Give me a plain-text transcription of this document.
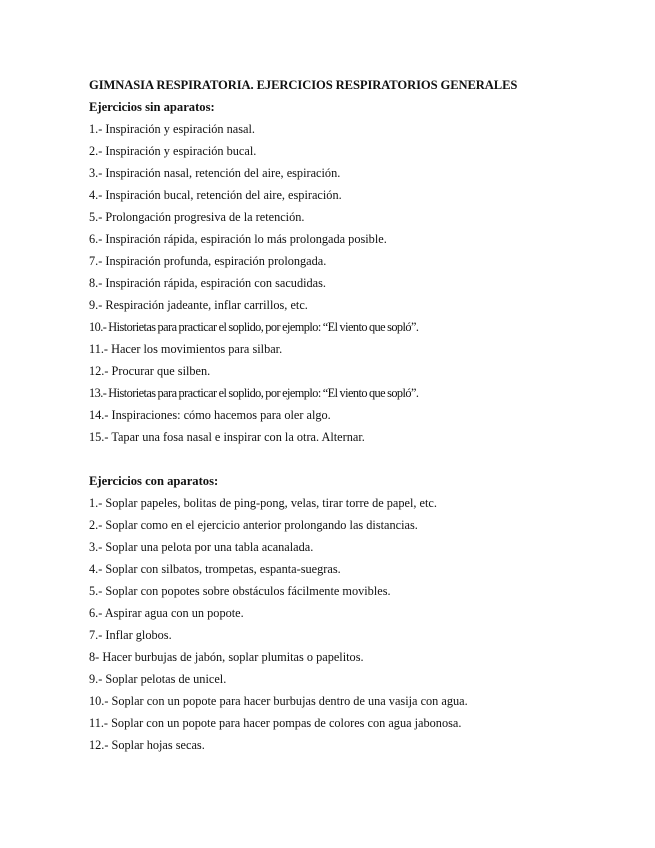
GIMNASIA RESPIRATORIA. EJERCICIOS RESPIRATORIOS GENERALES
Ejercicios sin aparatos:
1.- Inspiración y espiración nasal.
2.- Inspiración y espiración bucal.
3.- Inspiración nasal, retención del aire, espiración.
4.- Inspiración bucal, retención del aire, espiración.
5.- Prolongación progresiva de la retención.
6.- Inspiración rápida, espiración lo más prolongada posible.
7.- Inspiración profunda, espiración prolongada.
8.- Inspiración rápida, espiración con sacudidas.
9.- Respiración jadeante, inflar carrillos, etc.
10.- Historietas para practicar el soplido, por ejemplo: “El viento que sopló”.
11.- Hacer los movimientos para silbar.
12.- Procurar que silben.
13.- Historietas para practicar el soplido, por ejemplo: “El viento que sopló”.
14.- Inspiraciones: cómo hacemos para oler algo.
15.- Tapar una fosa nasal e inspirar con la otra. Alternar.
Ejercicios con aparatos:
1.- Soplar papeles, bolitas de ping-pong, velas, tirar torre de papel, etc.
2.- Soplar como en el ejercicio anterior prolongando las distancias.
3.- Soplar una pelota por una tabla acanalada.
4.- Soplar con silbatos, trompetas, espanta-suegras.
5.- Soplar con popotes sobre obstáculos fácilmente movibles.
6.- Aspirar agua con un popote.
7.- Inflar globos.
8- Hacer burbujas de jabón, soplar plumitas o papelitos.
9.- Soplar pelotas de unicel.
10.- Soplar con un popote para hacer burbujas dentro de una vasija con agua.
11.- Soplar con un popote para hacer pompas de colores con agua jabonosa.
12.- Soplar hojas secas.
